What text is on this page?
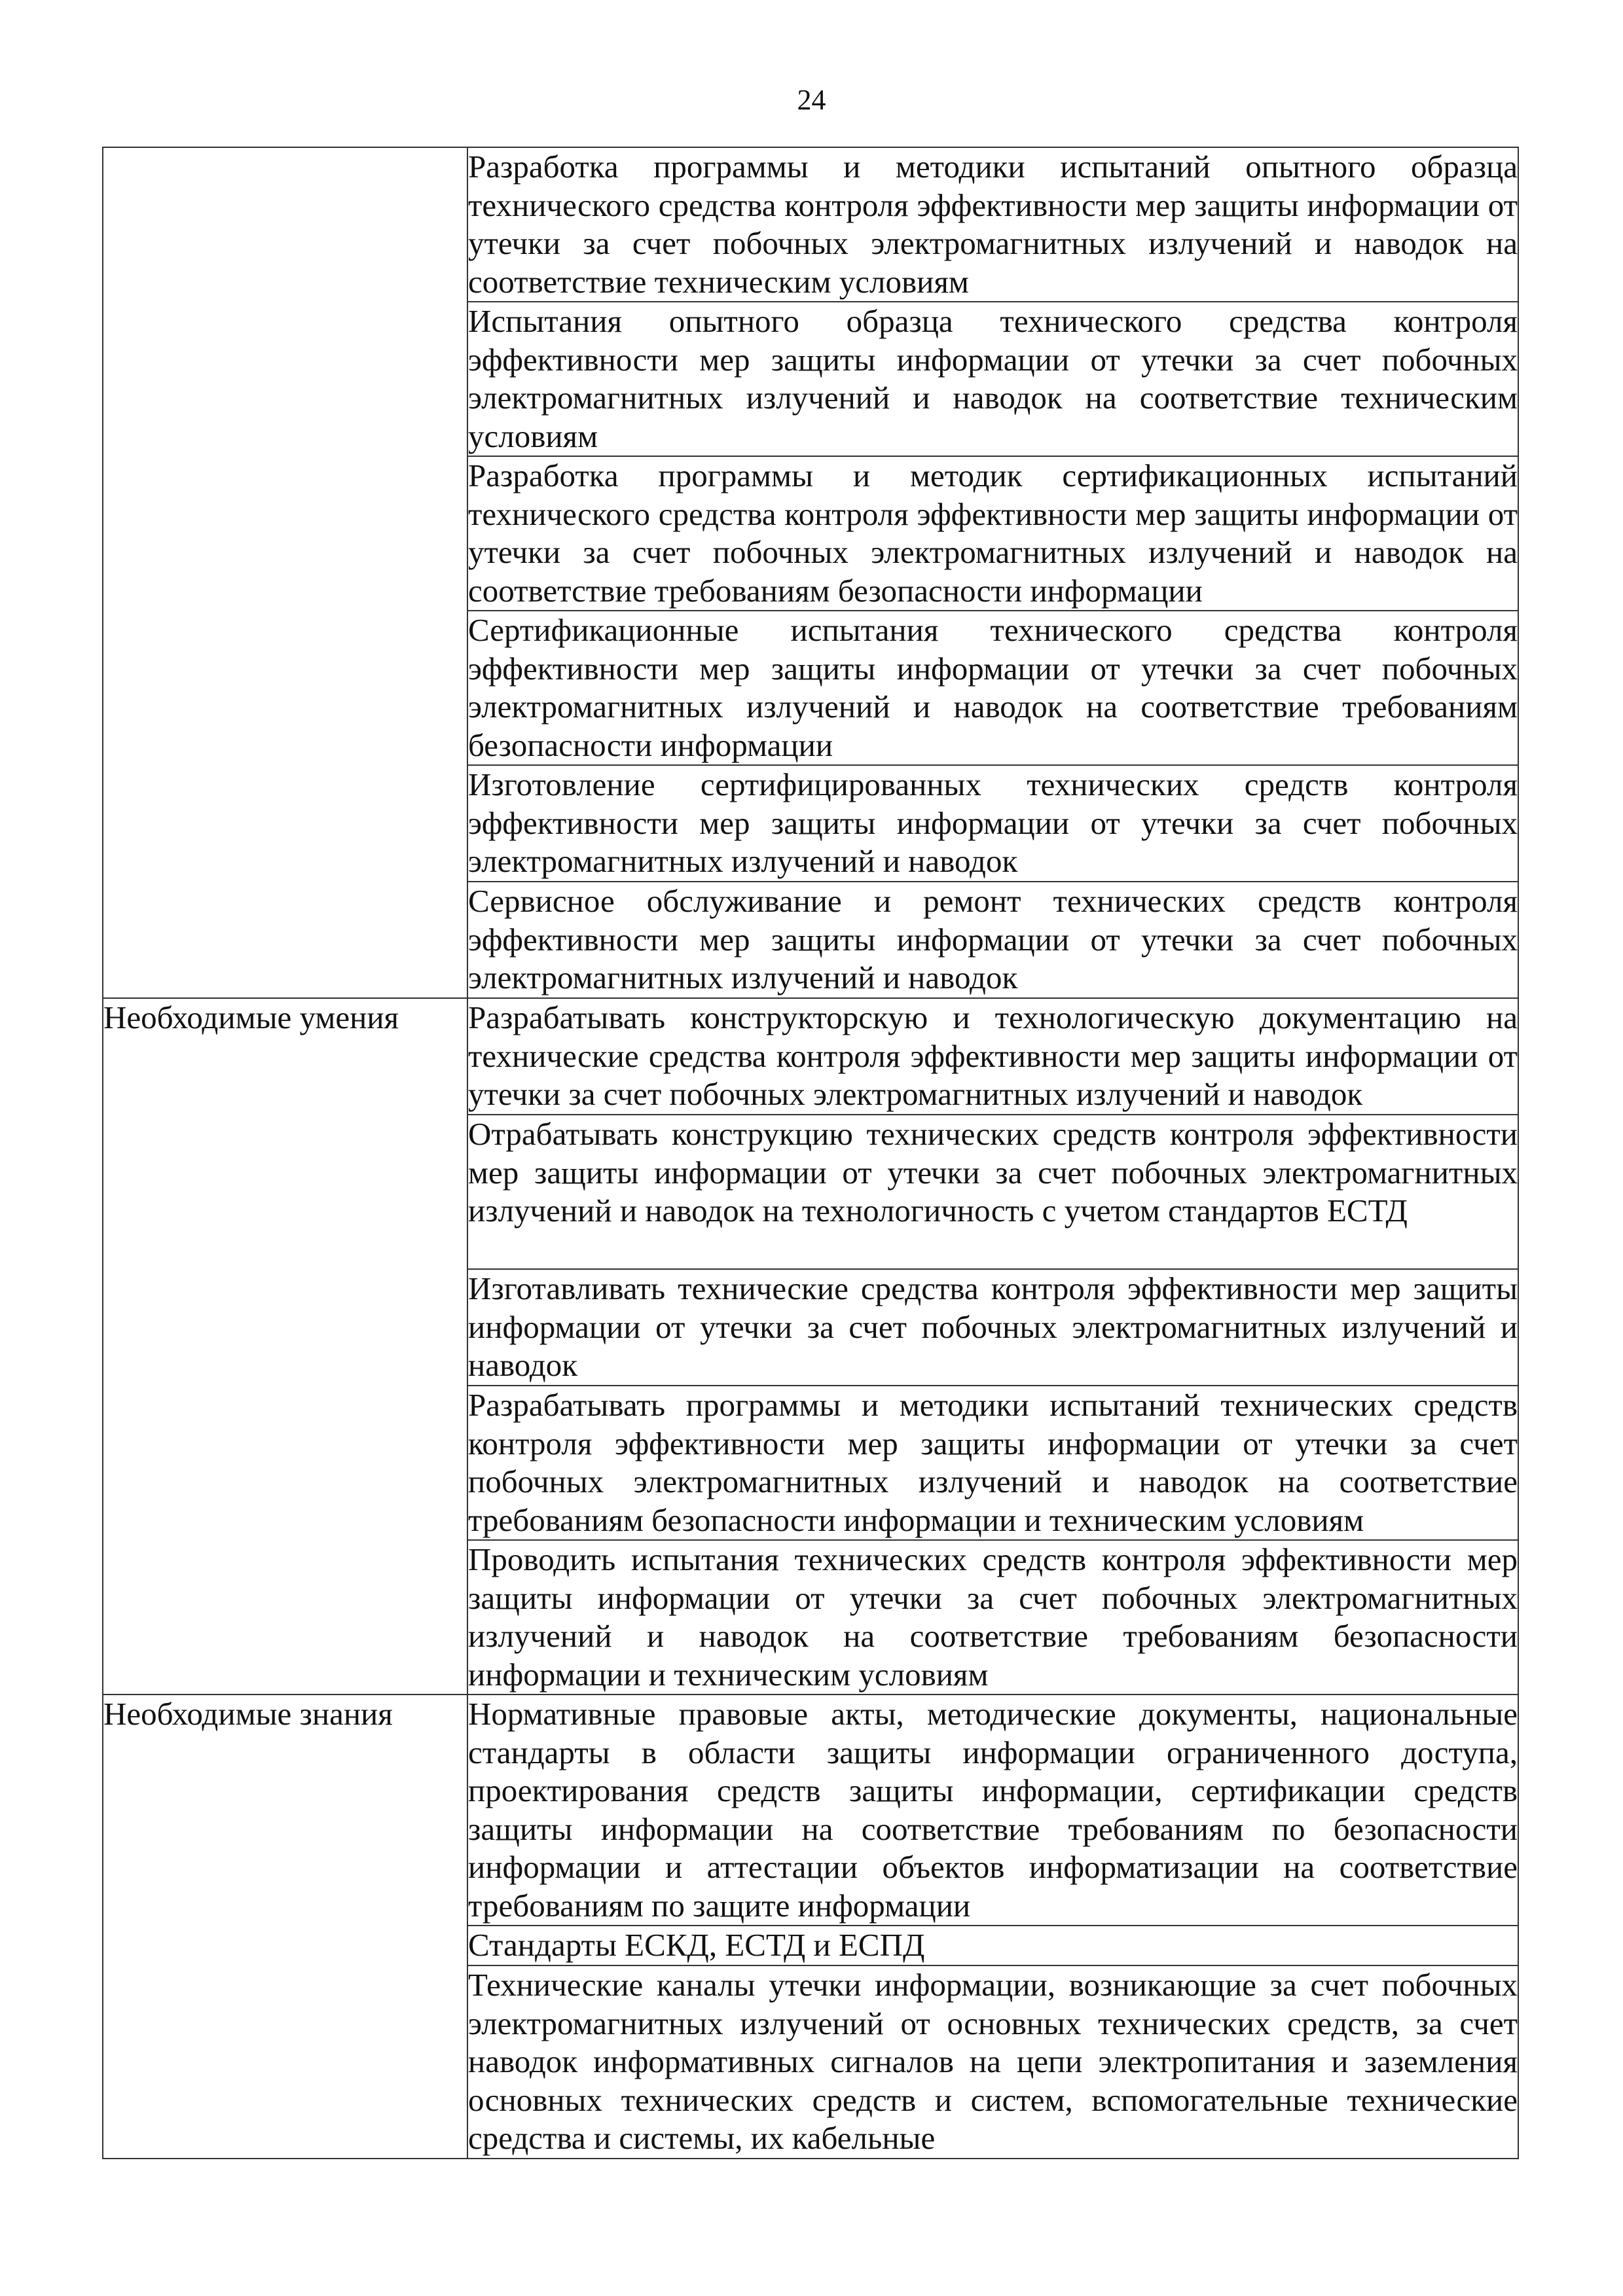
24
	Разработка программы и методики испытаний опытного образца технического средства контроля эффективности мер защиты информации от утечки за счет побочных электромагнитных излучений и наводок на соответствие техническим условиям
	Испытания опытного образца технического средства контроля эффективности мер защиты информации от утечки за счет побочных электромагнитных излучений и наводок на соответствие техническим условиям
	Разработка программы и методик сертификационных испытаний технического средства контроля эффективности мер защиты информации от утечки за счет побочных электромагнитных излучений и наводок на соответствие требованиям безопасности информации
	Сертификационные испытания технического средства контроля эффективности мер защиты информации от утечки за счет побочных электромагнитных излучений и наводок на соответствие требованиям безопасности информации
	Изготовление сертифицированных технических средств контроля эффективности мер защиты информации от утечки за счет побочных электромагнитных излучений и наводок
	Сервисное обслуживание и ремонт технических средств контроля эффективности мер защиты информации от утечки за счет побочных электромагнитных излучений и наводок
Необходимые умения	Разрабатывать конструкторскую и технологическую документацию на технические средства контроля эффективности мер защиты информации от утечки за счет побочных электромагнитных излучений и наводок
	Отрабатывать конструкцию технических средств контроля эффективности мер защиты информации от утечки за счет побочных электромагнитных излучений и наводок на технологичность с учетом стандартов ЕСТД
	Изготавливать технические средства контроля эффективности мер защиты информации от утечки за счет побочных электромагнитных излучений и наводок
	Разрабатывать программы и методики испытаний технических средств контроля эффективности мер защиты информации от утечки за счет побочных электромагнитных излучений и наводок на соответствие требованиям безопасности информации и техническим условиям
	Проводить испытания технических средств контроля эффективности мер защиты информации от утечки за счет побочных электромагнитных излучений и наводок на соответствие требованиям безопасности информации и техническим условиям
Необходимые знания	Нормативные правовые акты, методические документы, национальные стандарты в области защиты информации ограниченного доступа, проектирования средств защиты информации, сертификации средств защиты информации на соответствие требованиям по безопасности информации и аттестации объектов информатизации на соответствие требованиям по защите информации
	Стандарты ЕСКД, ЕСТД и ЕСПД
	Технические каналы утечки информации, возникающие за счет побочных электромагнитных излучений от основных технических средств, за счет наводок информативных сигналов на цепи электропитания и заземления основных технических средств и систем, вспомогательные технические средства и системы, их кабельные
